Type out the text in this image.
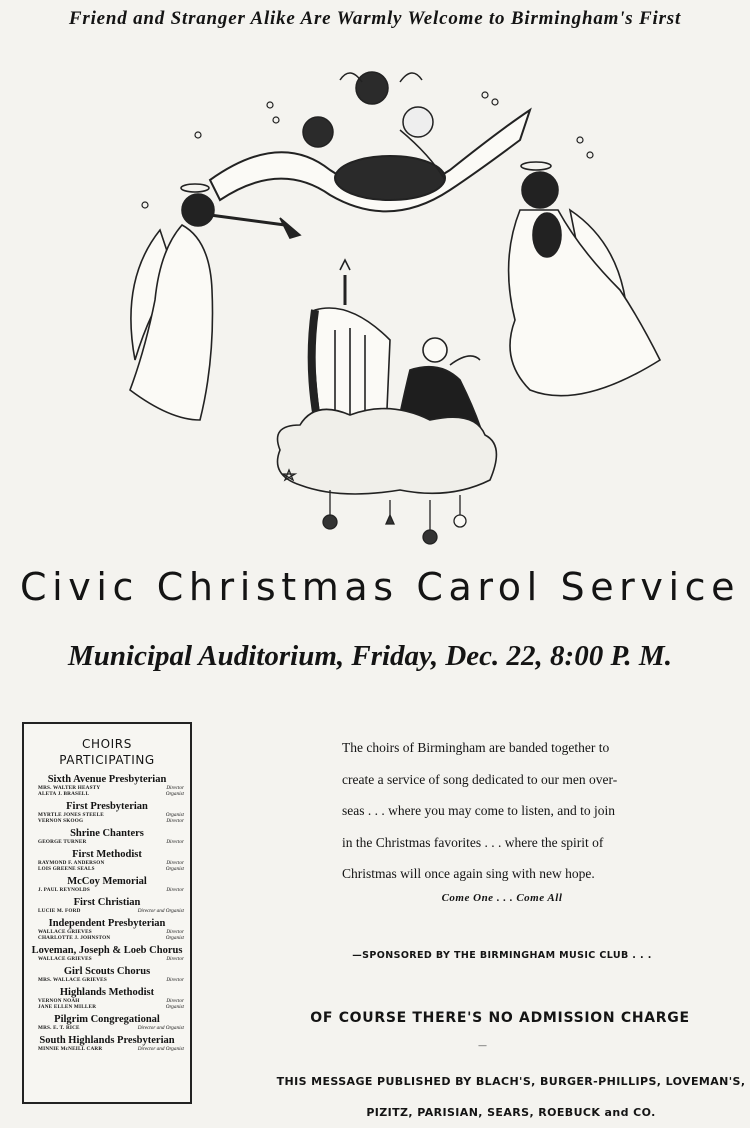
Friend and Stranger Alike Are Warmly Welcome to Birmingham's First
Civic Christmas Carol Service
Municipal Auditorium, Friday, Dec. 22, 8:00 P. M.
CHOIRS
PARTICIPATING
Sixth Avenue Presbyterian
MRS. WALTER HEASTY	Director
ALETA J. BRASELL	Organist
First Presbyterian
MYRTLE JONES STEELE	Organist
VERNON SKOOG	Director
Shrine Chanters
GEORGE TURNER	Director
First Methodist
RAYMOND F. ANDERSON	Director
LOIS GREENE SEALS	Organist
McCoy Memorial
J. PAUL REYNOLDS	Director
First Christian
LUCIE M. FORD	Director and Organist
Independent Presbyterian
WALLACE GRIEVES	Director
CHARLOTTE J. JOHNSTON	Organist
Loveman, Joseph & Loeb Chorus
WALLACE GRIEVES	Director
Girl Scouts Chorus
MRS. WALLACE GRIEVES	Director
Highlands Methodist
VERNON NOAH	Director
JANE ELLEN MILLER	Organist
Pilgrim Congregational
MRS. E. T. RICE	Director and Organist
South Highlands Presbyterian
MINNIE McNEILL CARR	Director and Organist
The choirs of Birmingham are banded together to
create a service of song dedicated to our men over-
seas . . . where you may come to listen, and to join
in the Christmas favorites . . . where the spirit of
Christmas will once again sing with new hope.
Come One . . . Come All
—SPONSORED BY THE BIRMINGHAM MUSIC CLUB . . .
OF COURSE THERE'S NO ADMISSION CHARGE
—
THIS MESSAGE PUBLISHED BY BLACH'S, BURGER-PHILLIPS, LOVEMAN'S,
PIZITZ, PARISIAN, SEARS, ROEBUCK and CO.
